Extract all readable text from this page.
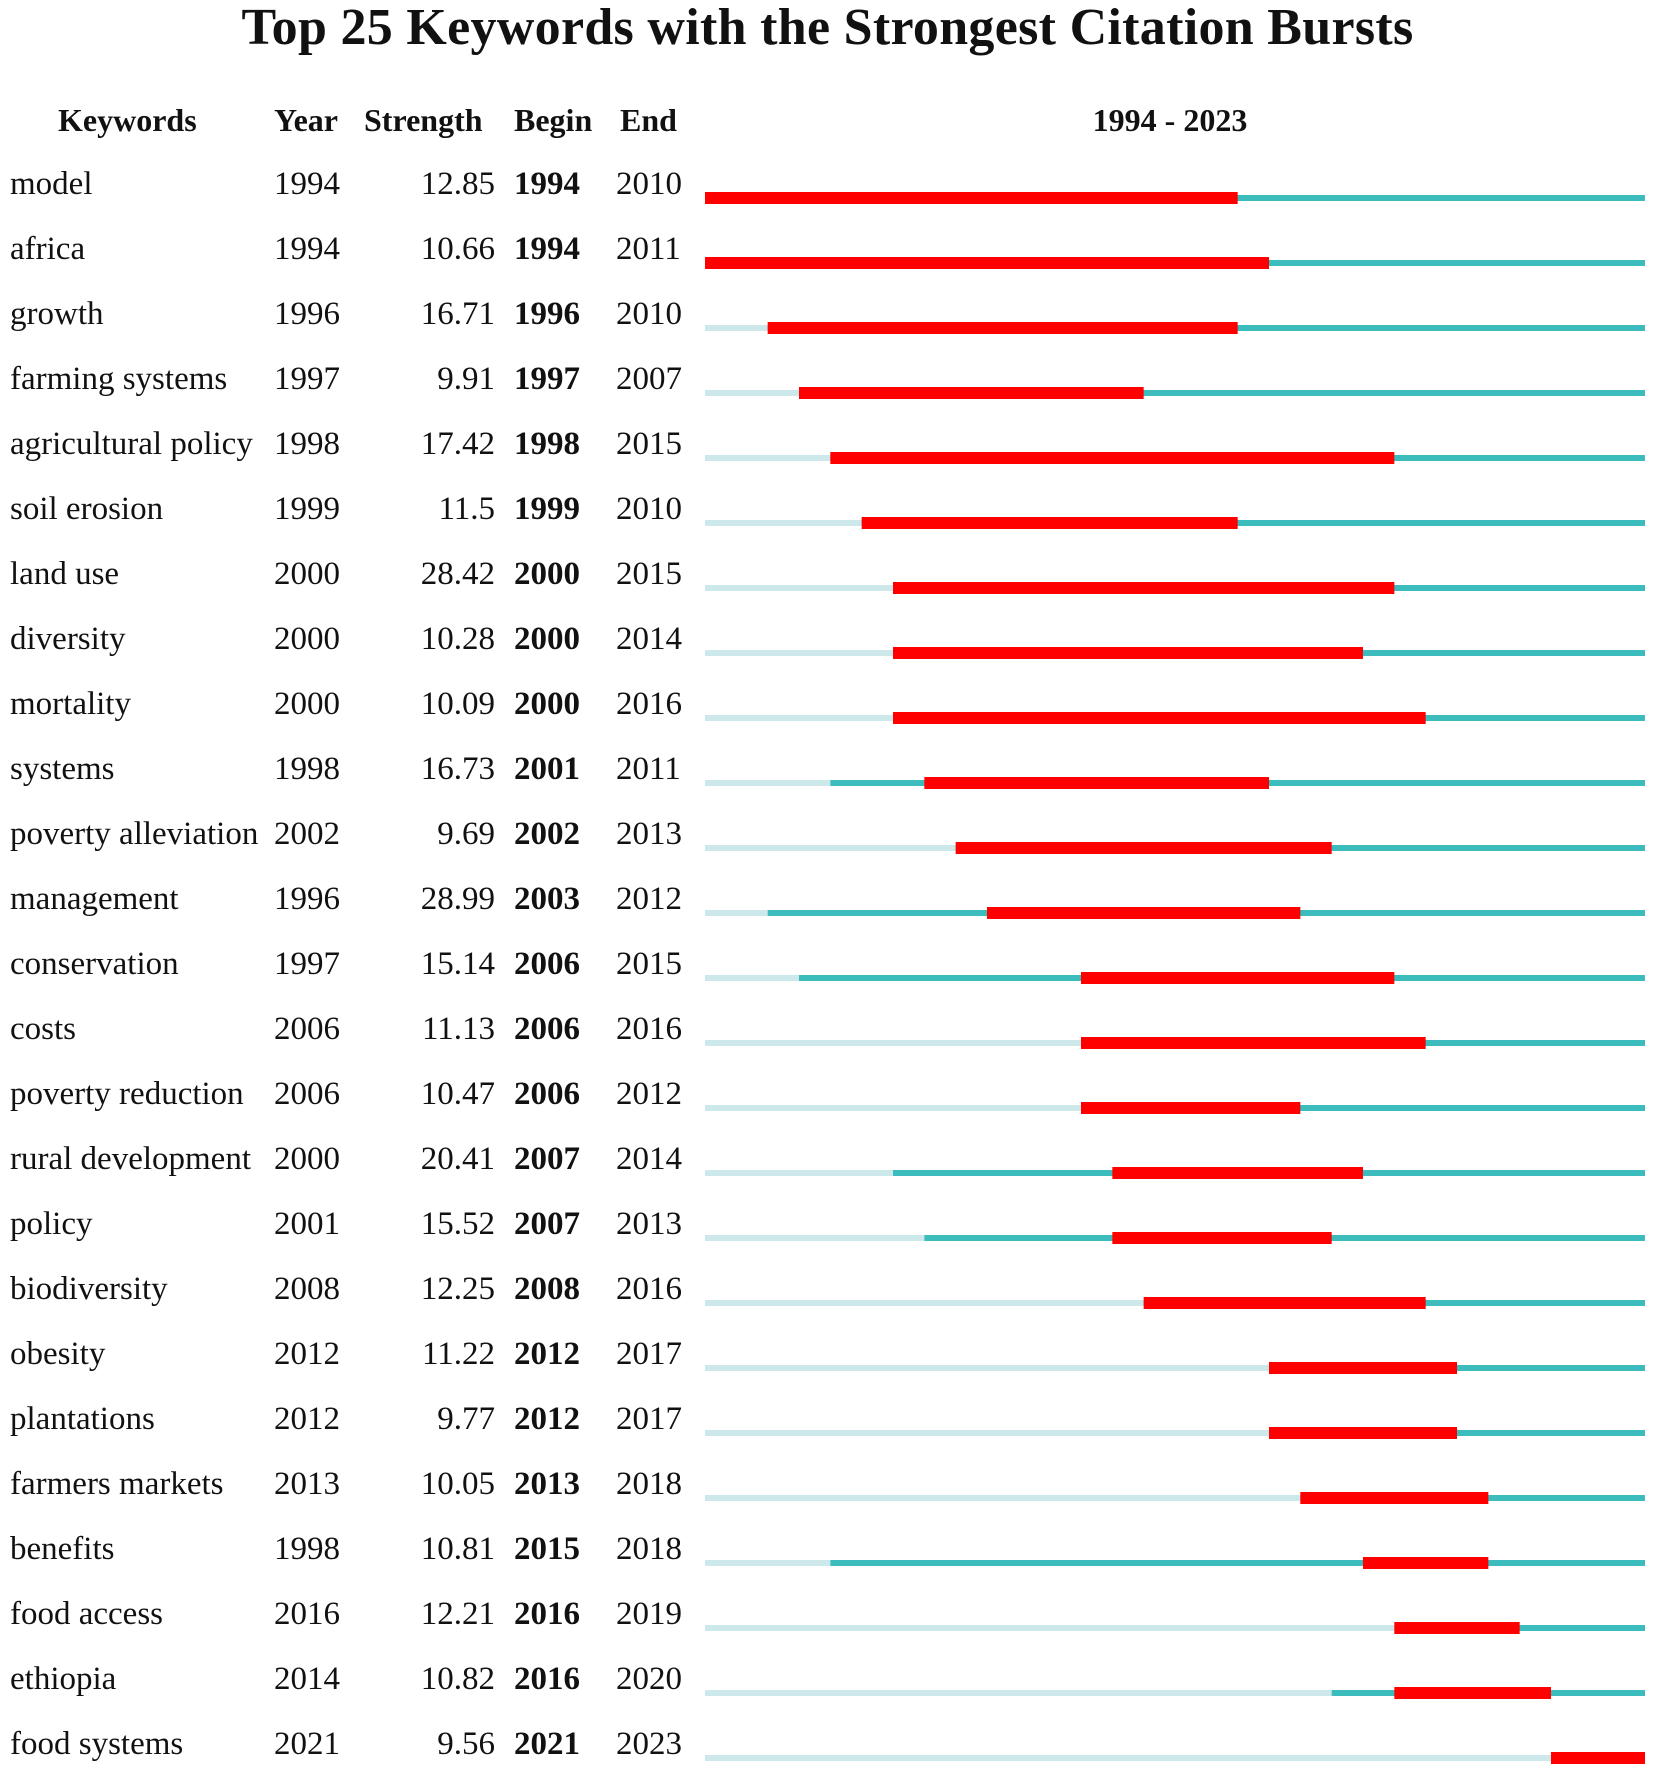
Top 25 Keywords with the Strongest Citation Bursts
Keywords Year Strength Begin End	1994 - 2023
model	1994	12.85 1994 2010
africa	1994	10.66 1994 2011
growth	1996	16.71 1996 2010
farming systems 1997	9.91 1997 2007
agricultural policy 1998	17.42 1998 2015
soil erosion	1999	11.5 1999 2010
land use	2000	28.42 2000 2015
diversity	2000	10.28 2000 2014
mortality	2000	10.09 2000 2016
systems	1998	16.73 2001 2011
poverty alleviation 2002	9.69 2002 2013
management	1996	28.99 2003 2012
conservation	1997	15.14 2006 2015
costs	2006	11.13 2006 2016
poverty reduction 2006	10.47 2006 2012
rural development 2000	20.41 2007 2014
policy	2001	15.52 2007 2013
biodiversity	2008	12.25 2008 2016
obesity	2012	11.22 2012 2017
plantations	2012	9.77 2012 2017
farmers markets 2013	10.05 2013 2018
benefits	1998	10.81 2015 2018
food access	2016	12.21 2016 2019
ethiopia	2014	10.82 2016 2020
food systems	2021	9.56 2021 2023
